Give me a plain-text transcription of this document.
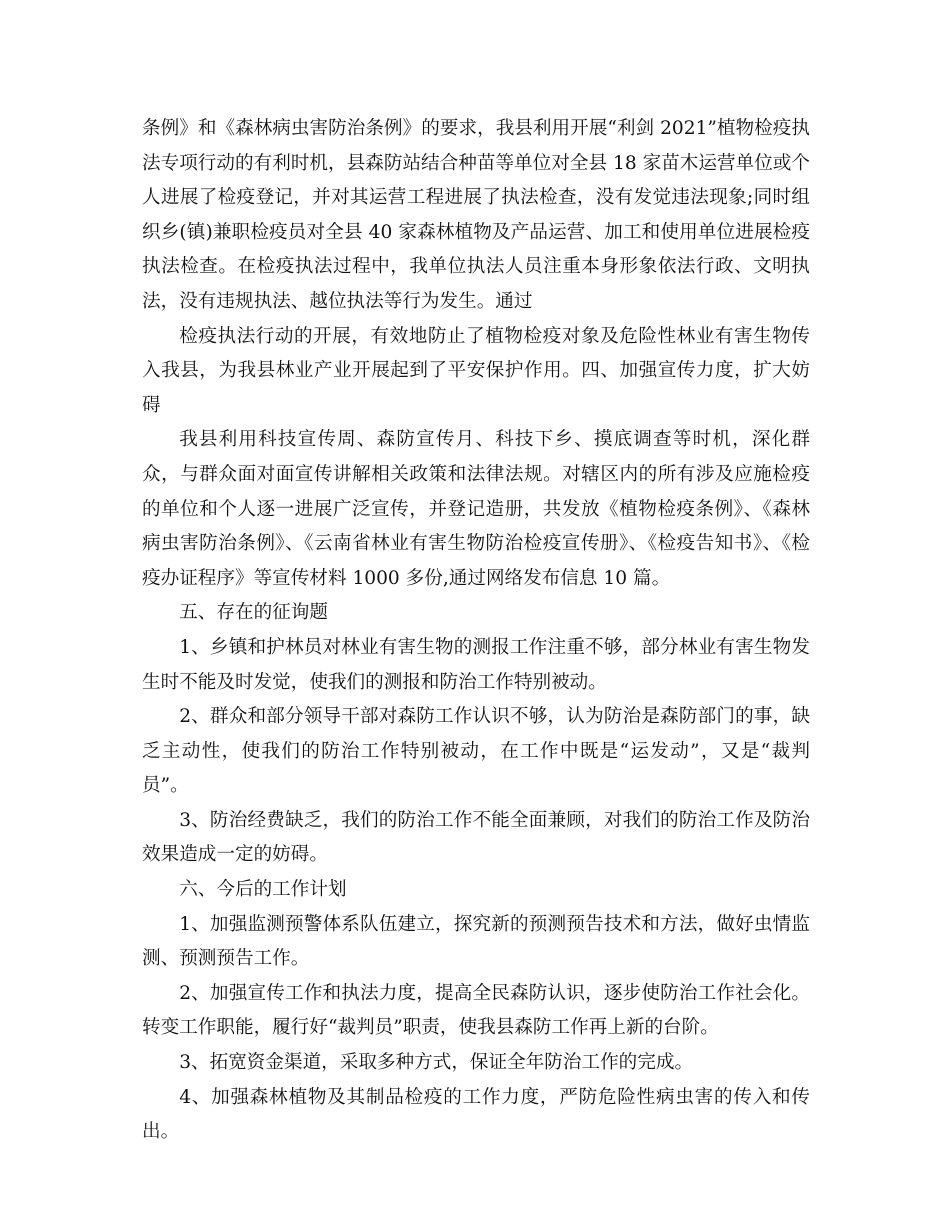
条例》和《森林病虫害防治条例》的要求，我县利用开展“利剑 2021”植物检疫执法专项行动的有利时机，县森防站结合种苗等单位对全县 18 家苗木运营单位或个人进展了检疫登记，并对其运营工程进展了执法检查，没有发觉违法现象;同时组织乡(镇)兼职检疫员对全县 40 家森林植物及产品运营、加工和使用单位进展检疫执法检查。在检疫执法过程中，我单位执法人员注重本身形象依法行政、文明执法，没有违规执法、越位执法等行为发生。通过

检疫执法行动的开展，有效地防止了植物检疫对象及危险性林业有害生物传入我县，为我县林业产业开展起到了平安保护作用。四、加强宣传力度，扩大妨碍

我县利用科技宣传周、森防宣传月、科技下乡、摸底调查等时机，深化群众，与群众面对面宣传讲解相关政策和法律法规。对辖区内的所有涉及应施检疫的单位和个人逐一进展广泛宣传，并登记造册，共发放《植物检疫条例》、《森林病虫害防治条例》、《云南省林业有害生物防治检疫宣传册》、《检疫告知书》、《检疫办证程序》等宣传材料 1000 多份,通过网络发布信息 10 篇。

五、存在的征询题

1、乡镇和护林员对林业有害生物的测报工作注重不够，部分林业有害生物发生时不能及时发觉，使我们的测报和防治工作特别被动。

2、群众和部分领导干部对森防工作认识不够，认为防治是森防部门的事，缺乏主动性，使我们的防治工作特别被动，在工作中既是“运发动”，又是“裁判员”。

3、防治经费缺乏，我们的防治工作不能全面兼顾，对我们的防治工作及防治效果造成一定的妨碍。

六、今后的工作计划

1、加强监测预警体系队伍建立，探究新的预测预告技术和方法，做好虫情监测、预测预告工作。

2、加强宣传工作和执法力度，提高全民森防认识，逐步使防治工作社会化。转变工作职能，履行好“裁判员”职责，使我县森防工作再上新的台阶。

3、拓宽资金渠道，采取多种方式，保证全年防治工作的完成。

4、加强森林植物及其制品检疫的工作力度，严防危险性病虫害的传入和传出。
